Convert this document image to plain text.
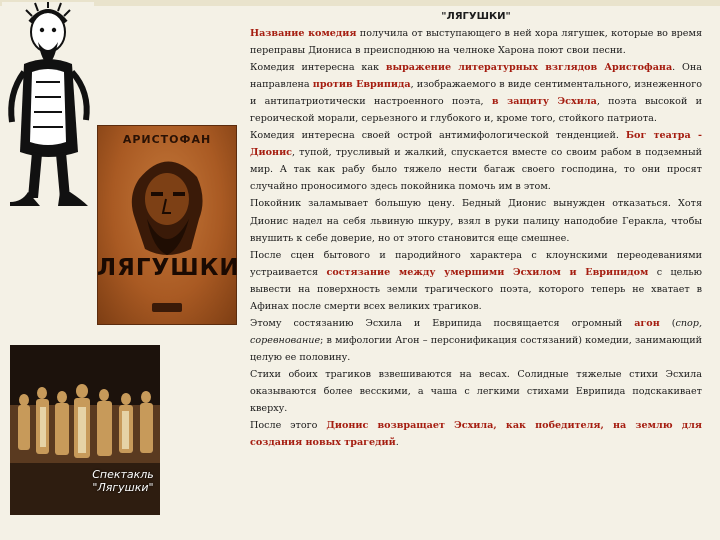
АРИСТОФАН
ЛЯГУШКИ
Спектакль
"Лягушки"
"ЛЯГУШКИ"

Название комедия получила от выступающего в ней хора лягушек, которые во время переправы Диониса в преисподнюю на челноке Харона поют свои песни.

Комедия интересна как выражение литературных взглядов Аристофана. Она направлена против Еврипида, изображаемого в виде сентиментального, изнеженного и антипатриотически настроенного поэта, в защиту Эсхила, поэта высокой и героической морали, серьезного и глубокого и, кроме того, стойкого патриота.

Комедия интересна своей острой антимифологической тенденцией. Бог театра - Дионис, тупой, трусливый и жалкий, спускается вместе со своим рабом в подземный мир. А так как рабу было тяжело нести багаж своего господина, то они просят случайно проносимого здесь покойника помочь им в этом.

Покойник заламывает большую цену. Бедный Дионис вынужден отказаться. Хотя Дионис надел на себя львиную шкуру, взял в руки палицу наподобие Геракла, чтобы внушить к себе доверие, но от этого становится еще смешнее.

После сцен бытового и пародийного характера с клоунскими переодеваниями устраивается состязание между умершими Эсхилом и Еврипидом с целью вывести на поверхность земли трагического поэта, которого теперь не хватает в Афинах после смерти всех великих трагиков.

Этому состязанию Эсхила и Еврипида посвящается огромный агон (спор, соревнование; в мифологии Агон – персонификация состязаний) комедии, занимающий целую ее половину.

Стихи обоих трагиков взвешиваются на весах. Солидные тяжелые стихи Эсхила оказываются более весскими, а чаша с легкими стихами Еврипида подскакивает кверху.

После этого Дионис возвращает Эсхила, как победителя, на землю для создания новых трагедий.
